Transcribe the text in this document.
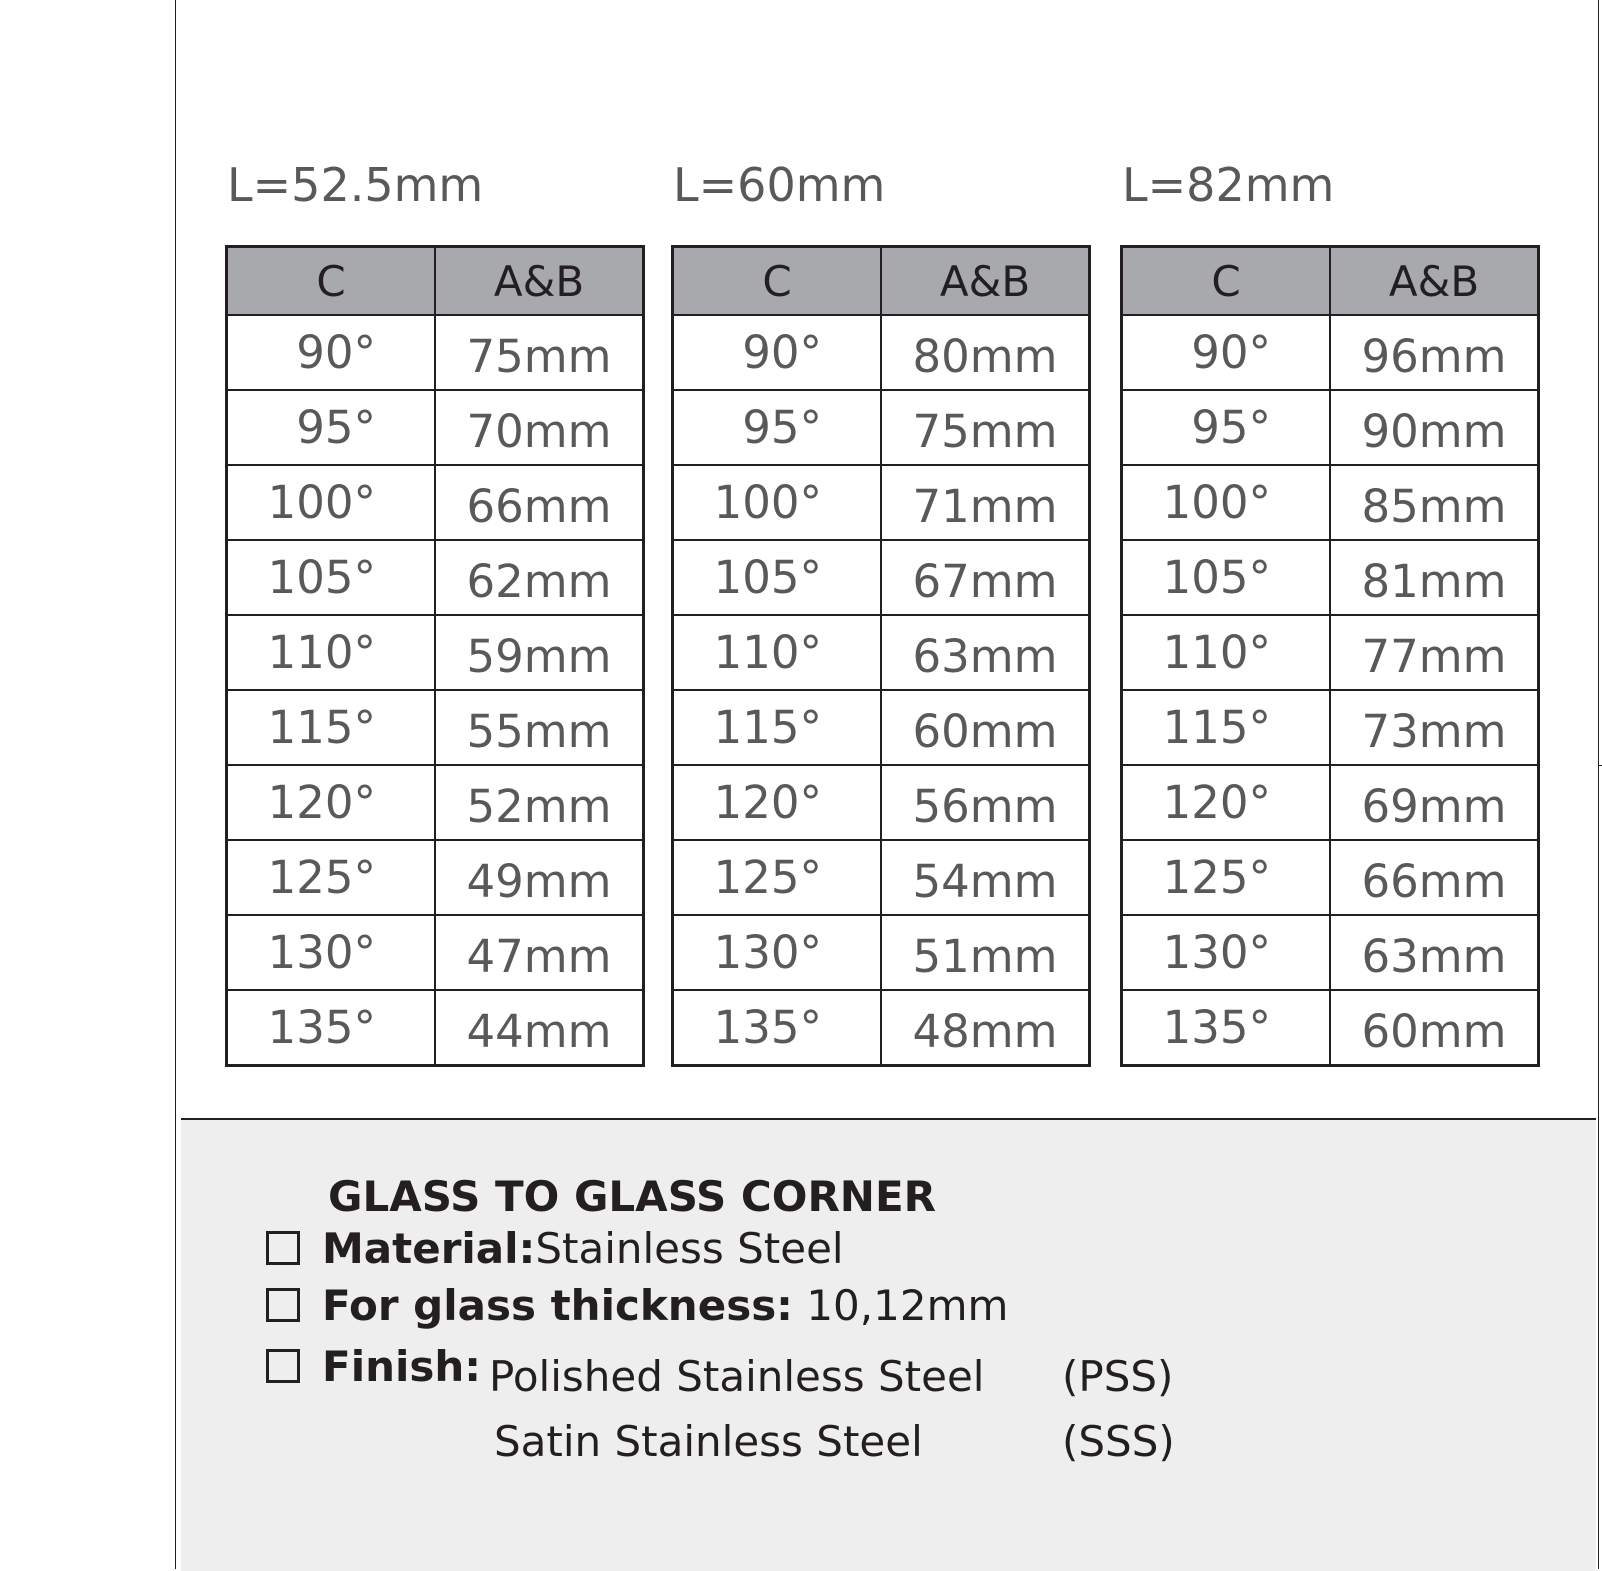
L=52.5mm
C	A&B
90°	75mm
95°	70mm
100°	66mm
105°	62mm
110°	59mm
115°	55mm
120°	52mm
125°	49mm
130°	47mm
135°	44mm
L=60mm
C	A&B
90°	80mm
95°	75mm
100°	71mm
105°	67mm
110°	63mm
115°	60mm
120°	56mm
125°	54mm
130°	51mm
135°	48mm
L=82mm
C	A&B
90°	96mm
95°	90mm
100°	85mm
105°	81mm
110°	77mm
115°	73mm
120°	69mm
125°	66mm
130°	63mm
135°	60mm
GLASS TO GLASS CORNER
Material:Stainless Steel
For glass thickness: 10,12mm
Finish: Polished Stainless Steel (PSS)
Satin Stainless Steel	(SSS)
